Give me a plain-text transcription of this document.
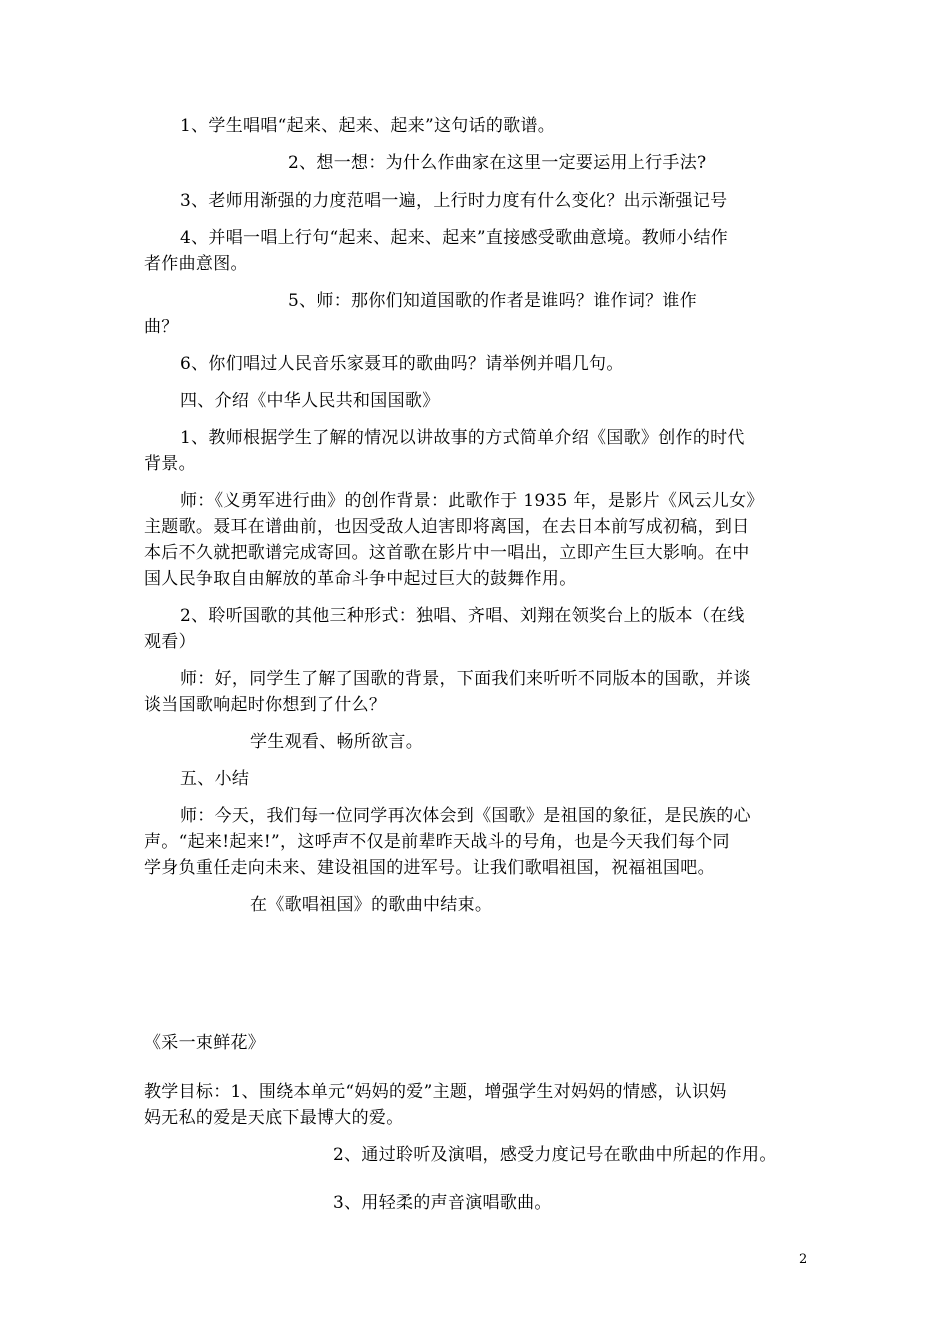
1、学生唱唱“起来、起来、起来”这句话的歌谱。
2、想一想：为什么作曲家在这里一定要运用上行手法?
3、老师用渐强的力度范唱一遍，上行时力度有什么变化？出示渐强记号
4、并唱一唱上行句“起来、起来、起来”直接感受歌曲意境。教师小结作
者作曲意图。
5、师：那你们知道国歌的作者是谁吗？谁作词？谁作
曲？
6、你们唱过人民音乐家聂耳的歌曲吗？请举例并唱几句。
四、介绍《中华人民共和国国歌》
1、教师根据学生了解的情况以讲故事的方式简单介绍《国歌》创作的时代
背景。
师：《义勇军进行曲》的创作背景：此歌作于 1935 年，是影片《风云儿女》
主题歌。聂耳在谱曲前，也因受敌人迫害即将离国，在去日本前写成初稿，到日
本后不久就把歌谱完成寄回。这首歌在影片中一唱出，立即产生巨大影响。在中
国人民争取自由解放的革命斗争中起过巨大的鼓舞作用。
2、聆听国歌的其他三种形式：独唱、齐唱、刘翔在领奖台上的版本（在线
观看）
师：好，同学生了解了国歌的背景，下面我们来听听不同版本的国歌，并谈
谈当国歌响起时你想到了什么？
学生观看、畅所欲言。
五、小结
师：今天，我们每一位同学再次体会到《国歌》是祖国的象征，是民族的心
声。“起来!起来!”，这呼声不仅是前辈昨天战斗的号角，也是今天我们每个同
学身负重任走向未来、建设祖国的进军号。让我们歌唱祖国，祝福祖国吧。
在《歌唱祖国》的歌曲中结束。
《采一束鲜花》
教学目标：1、围绕本单元“妈妈的爱”主题，增强学生对妈妈的情感，认识妈
妈无私的爱是天底下最博大的爱。
2、通过聆听及演唱，感受力度记号在歌曲中所起的作用。
3、用轻柔的声音演唱歌曲。
2
